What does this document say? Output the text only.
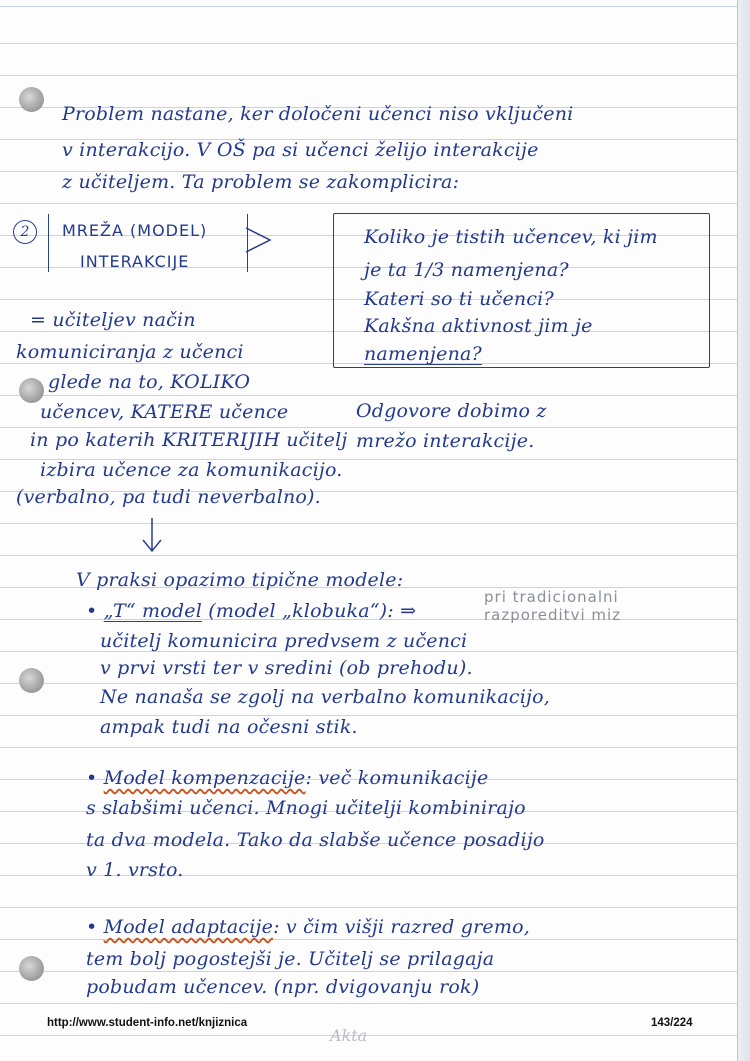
Problem nastane, ker določeni učenci niso vključeni
v interakcijo. V OŠ pa si učenci želijo interakcije
z učiteljem. Ta problem se zakomplicira:
2	MREŽA (MODEL)
INTERAKCIJE
Koliko je tistih učencev, ki jim
je ta 1/3 namenjena?
Kateri so ti učenci?
Kakšna aktivnost jim je
namenjena?
= učiteljev način
komuniciranja z učenci
glede na to, KOLIKO
učencev, KATERE učence
in po katerih KRITERIJIH učitelj
izbira učence za komunikacijo.
(verbalno, pa tudi neverbalno).
Odgovore dobimo z
mrežo interakcije.
V praksi opazimo tipične modele:
• „T“ model (model „klobuka“): ⇒
pri tradicionalni
razporeditvi miz
učitelj komunicira predvsem z učenci
v prvi vrsti ter v sredini (ob prehodu).
Ne nanaša se zgolj na verbalno komunikacijo,
ampak tudi na očesni stik.
• Model kompenzacije: več komunikacije
s slabšimi učenci. Mnogi učitelji kombinirajo
ta dva modela. Tako da slabše učence posadijo
v 1. vrsto.
• Model adaptacije: v čim višji razred gremo,
tem bolj pogostejši je. Učitelj se prilagaja
pobudam učencev. (npr. dvigovanju rok)
http://www.student-info.net/knjiznica	143/224
Akta
